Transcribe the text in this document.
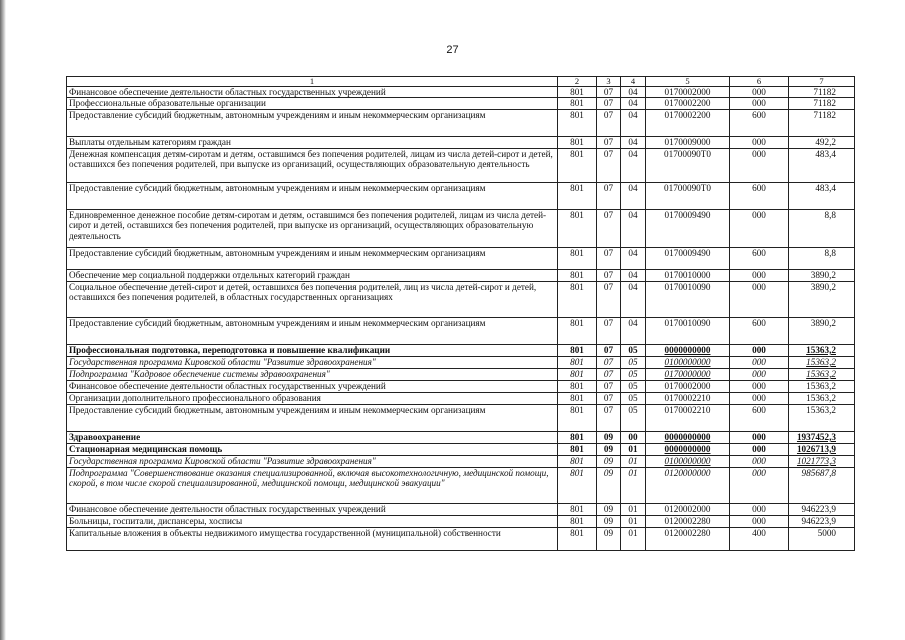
27
1	2	3	4	5	6	7
Финансовое обеспечение деятельности областных государственных учреждений	801	07	04	0170002000	000	71182
Профессиональные образовательные организации	801	07	04	0170002200	000	71182
Предоставление субсидий бюджетным, автономным учреждениям и иным некоммерческим организациям	801	07	04	0170002200	600	71182
Выплаты отдельным категориям граждан	801	07	04	0170009000	000	492,2
Денежная компенсация детям-сиротам и детям, оставшимся без попечения родителей, лицам из числа детей-сирот и детей, оставшихся без попечения родителей, при выпуске из организаций, осуществляющих образовательную деятельность	801	07	04	01700090Т0	000	483,4
Предоставление субсидий бюджетным, автономным учреждениям и иным некоммерческим организациям	801	07	04	01700090Т0	600	483,4
Единовременное денежное пособие детям-сиротам и детям, оставшимся без попечения родителей, лицам из числа детей-сирот и детей, оставшихся без попечения родителей, при выпуске из организаций, осуществляющих образовательную деятельность	801	07	04	0170009490	000	8,8
Предоставление субсидий бюджетным, автономным учреждениям и иным некоммерческим организациям	801	07	04	0170009490	600	8,8
Обеспечение мер социальной поддержки отдельных категорий граждан	801	07	04	0170010000	000	3890,2
Социальное обеспечение детей-сирот и детей, оставшихся без попечения родителей, лиц из числа детей-сирот и детей, оставшихся без попечения родителей, в областных государственных организациях	801	07	04	0170010090	000	3890,2
Предоставление субсидий бюджетным, автономным учреждениям и иным некоммерческим организациям	801	07	04	0170010090	600	3890,2
Профессиональная подготовка, переподготовка и повышение квалификации	801	07	05	0000000000	000	15363,2
Государственная программа Кировской области "Развитие здравоохранения"	801	07	05	0100000000	000	15363,2
Подпрограмма "Кадровое обеспечение системы здравоохранения"	801	07	05	0170000000	000	15363,2
Финансовое обеспечение деятельности областных государственных учреждений	801	07	05	0170002000	000	15363,2
Организации дополнительного профессионального образования	801	07	05	0170002210	000	15363,2
Предоставление субсидий бюджетным, автономным учреждениям и иным некоммерческим организациям	801	07	05	0170002210	600	15363,2
Здравоохранение	801	09	00	0000000000	000	1937452,3
Стационарная медицинская помощь	801	09	01	0000000000	000	1026713,9
Государственная программа Кировской области "Развитие здравоохранения"	801	09	01	0100000000	000	1021773,3
Подпрограмма "Совершенствование оказания специализированной, включая высокотехнологичную, медицинской помощи, скорой, в том числе скорой специализированной, медицинской помощи, медицинской эвакуации"	801	09	01	0120000000	000	985687,8
Финансовое обеспечение деятельности областных государственных учреждений	801	09	01	0120002000	000	946223,9
Больницы, госпитали, диспансеры, хосписы	801	09	01	0120002280	000	946223,9
Капитальные вложения в объекты недвижимого имущества государственной (муниципальной) собственности	801	09	01	0120002280	400	5000
